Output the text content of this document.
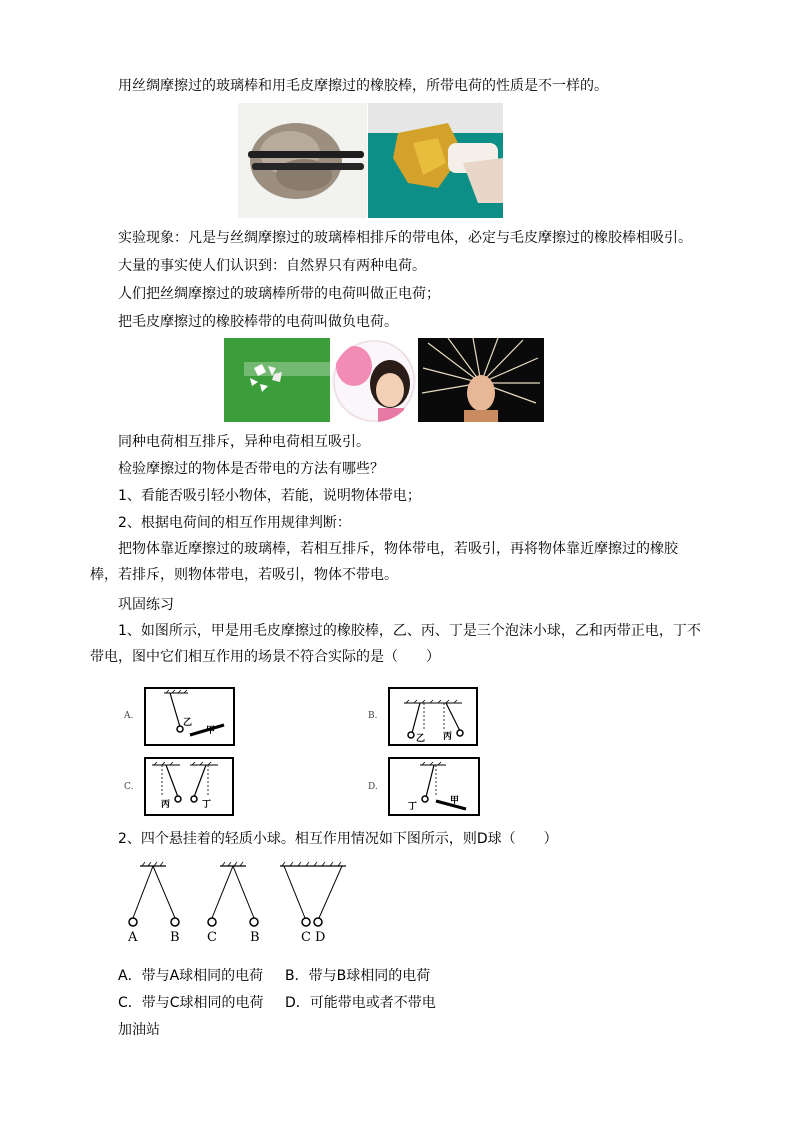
用丝绸摩擦过的玻璃棒和用毛皮摩擦过的橡胶棒，所带电荷的性质是不一样的。
实验现象：凡是与丝绸摩擦过的玻璃棒相排斥的带电体，必定与毛皮摩擦过的橡胶棒相吸引。
大量的事实使人们认识到：自然界只有两种电荷。
人们把丝绸摩擦过的玻璃棒所带的电荷叫做正电荷；
把毛皮摩擦过的橡胶棒带的电荷叫做负电荷。
同种电荷相互排斥，异种电荷相互吸引。
检验摩擦过的物体是否带电的方法有哪些？
1、看能否吸引轻小物体，若能，说明物体带电；
2、根据电荷间的相互作用规律判断：
把物体靠近摩擦过的玻璃棒，若相互排斥，物体带电，若吸引，再将物体靠近摩擦过的橡胶棒，若排斥，则物体带电，若吸引，物体不带电。
巩固练习
1、如图所示，甲是用毛皮摩擦过的橡胶棒，乙、丙、丁是三个泡沫小球，乙和丙带正电，丁不带电，图中它们相互作用的场景不符合实际的是（　　）
A.
乙
甲
B.
乙 丙
C.
丙	丁
D.
丁
甲
2、四个悬挂着的轻质小球。相互作用情况如下图所示，则D球（　　）
A	B C	B	C D
A．带与A球相同的电荷 B．带与B球相同的电荷
C．带与C球相同的电荷 D．可能带电或者不带电
加油站
